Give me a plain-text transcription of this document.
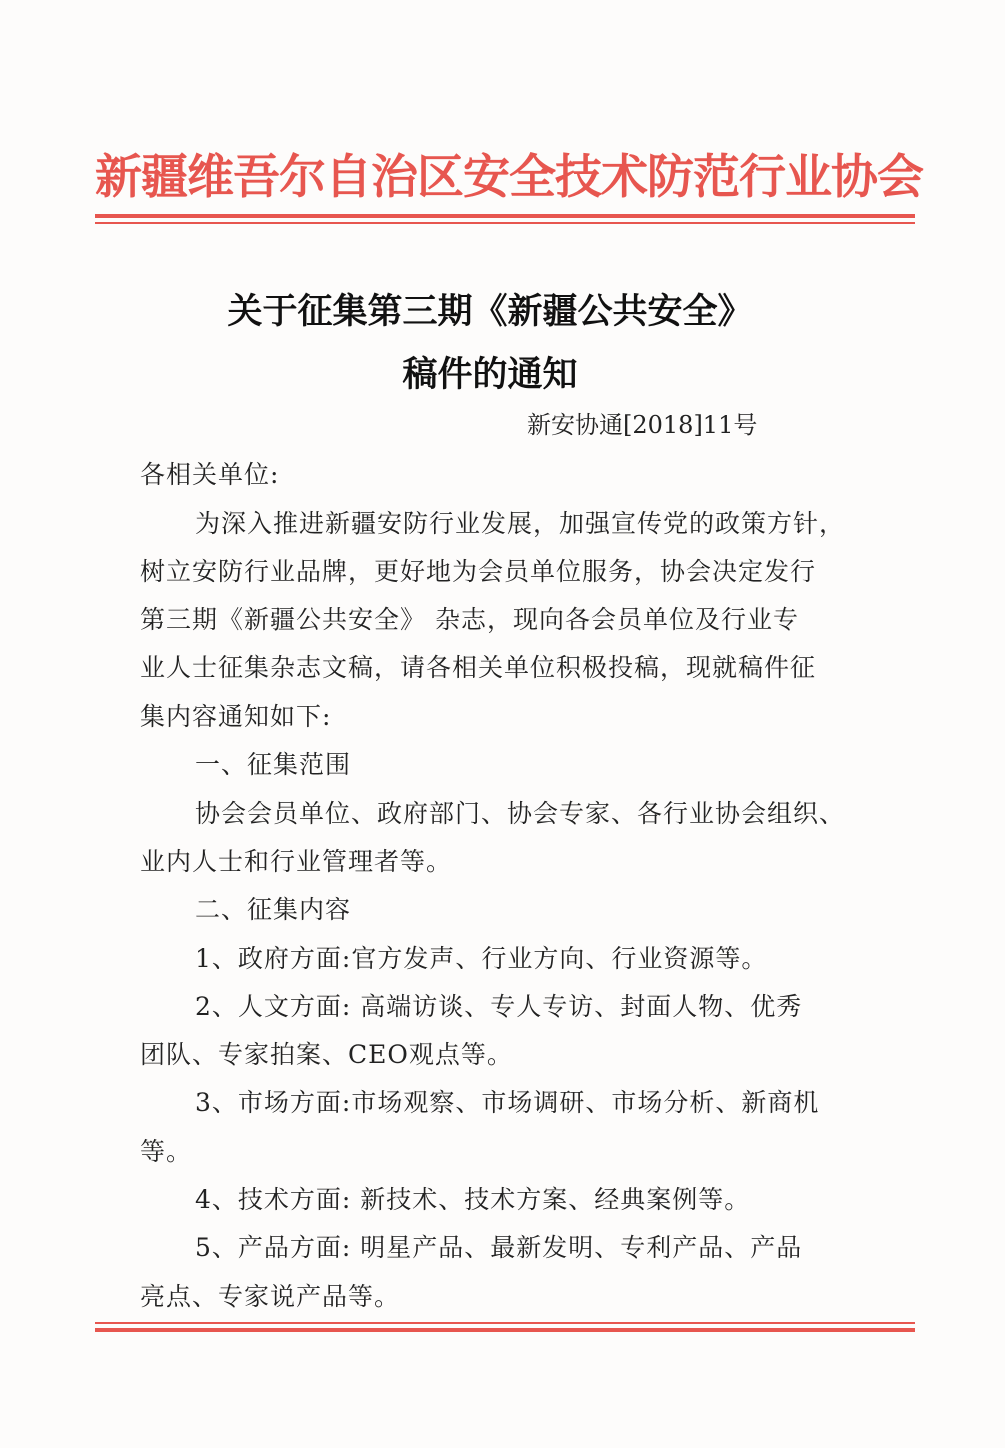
新疆维吾尔自治区安全技术防范行业协会
关于征集第三期《新疆公共安全》
稿件的通知
新安协通[2018]11号
各相关单位:
为深入推进新疆安防行业发展，加强宣传党的政策方针，
树立安防行业品牌，更好地为会员单位服务，协会决定发行
第三期《新疆公共安全》 杂志，现向各会员单位及行业专
业人士征集杂志文稿，请各相关单位积极投稿，现就稿件征
集内容通知如下:
一、征集范围
协会会员单位、政府部门、协会专家、各行业协会组织、
业内人士和行业管理者等。
二、征集内容
1、政府方面:官方发声、行业方向、行业资源等。
2、人文方面: 高端访谈、专人专访、封面人物、优秀
团队、专家拍案、CEO观点等。
3、市场方面:市场观察、市场调研、市场分析、新商机
等。
4、技术方面: 新技术、技术方案、经典案例等。
5、产品方面: 明星产品、最新发明、专利产品、产品
亮点、专家说产品等。
